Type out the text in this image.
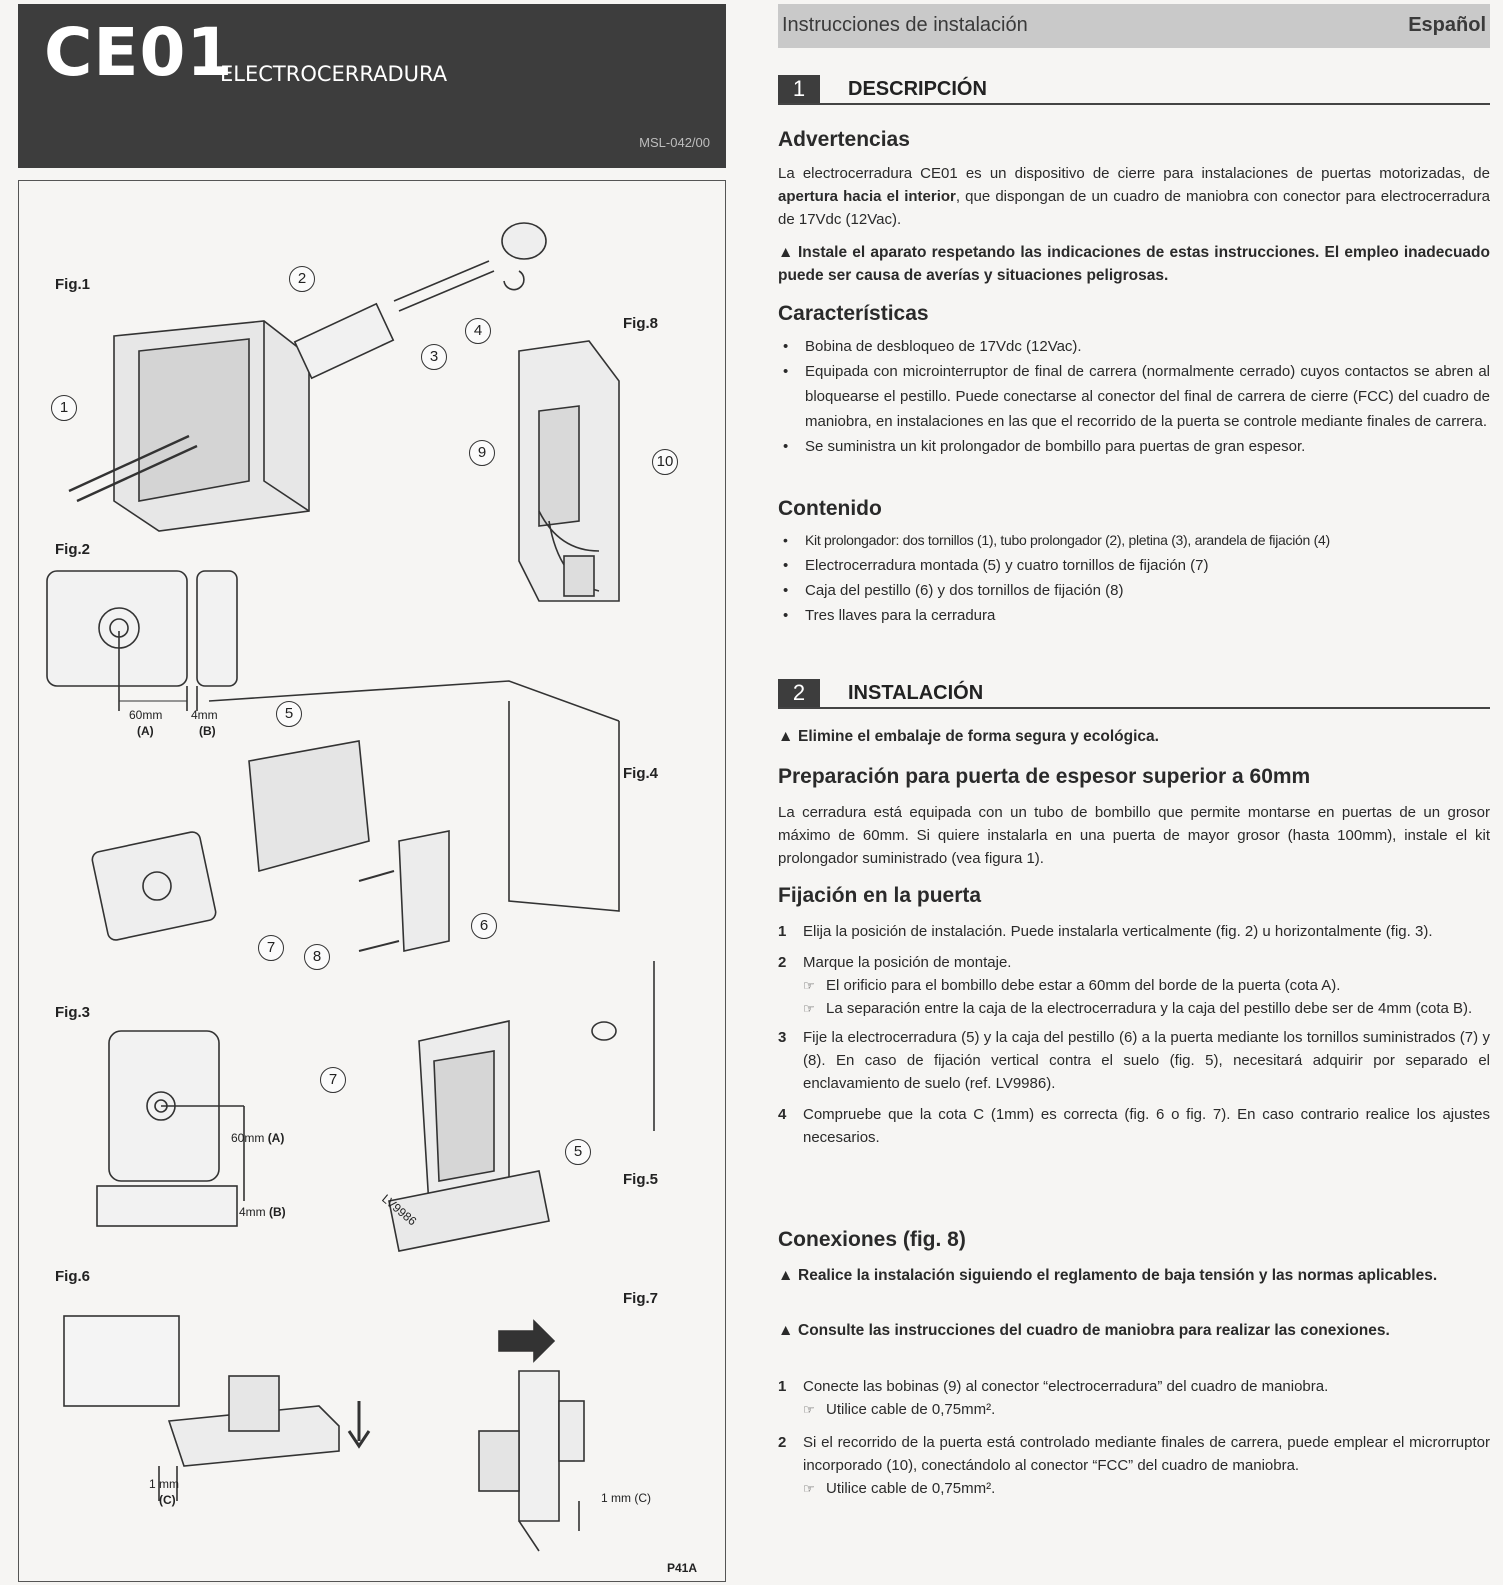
CE01
ELECTROCERRADURA
MSL-042/00
Fig.1
Fig.8
Fig.2
Fig.4
Fig.3
Fig.5
Fig.6
Fig.7
1
2
3
4
5
6
7
8
9
10
7
5
60mm
(A)
4mm
(B)
60mm (A)
4mm (B)
1 mm
(C)	1 mm (C)
LV9986
P41A
Instrucciones de instalación	Español
1	DESCRIPCIÓN
Advertencias
La electrocerradura CE01 es un dispositivo de cierre para instalaciones de puertas motorizadas, de apertura hacia el interior, que dispongan de un cuadro de maniobra con conector para electrocerradura de 17Vdc (12Vac).
▲ Instale el aparato respetando las indicaciones de estas instrucciones. El empleo inadecuado puede ser causa de averías y situaciones peligrosas.
Características
• Bobina de desbloqueo de 17Vdc (12Vac).
• Equipada con microinterruptor de final de carrera (normalmente cerrado) cuyos contactos se abren al bloquearse el pestillo. Puede conectarse al conector del final de carrera de cierre (FCC) del cuadro de maniobra, en instalaciones en las que el recorrido de la puerta se controle mediante finales de carrera.
• Se suministra un kit prolongador de bombillo para puertas de gran espesor.
Contenido
• Kit prolongador: dos tornillos (1), tubo prolongador (2), pletina (3), arandela de fijación (4)
• Electrocerradura montada (5) y cuatro tornillos de fijación (7)
• Caja del pestillo (6) y dos tornillos de fijación (8)
• Tres llaves para la cerradura
2	INSTALACIÓN
▲ Elimine el embalaje de forma segura y ecológica.
Preparación para puerta de espesor superior a 60mm
La cerradura está equipada con un tubo de bombillo que permite montarse en puertas de un grosor máximo de 60mm. Si quiere instalarla en una puerta de mayor grosor (hasta 100mm), instale el kit prolongador suministrado (vea figura 1).
Fijación en la puerta
1 Elija la posición de instalación. Puede instalarla verticalmente (fig. 2) u horizontalmente (fig. 3).
2 Marque la posición de montaje.
☞ El orificio para el bombillo debe estar a 60mm del borde de la puerta (cota A).
☞ La separación entre la caja de la electrocerradura y la caja del pestillo debe ser de 4mm (cota B).
3 Fije la electrocerradura (5) y la caja del pestillo (6) a la puerta mediante los tornillos suministrados (7) y (8). En caso de fijación vertical contra el suelo (fig. 5), necesitará adquirir por separado el enclavamiento de suelo (ref. LV9986).
4 Compruebe que la cota C (1mm) es correcta (fig. 6 o fig. 7). En caso contrario realice los ajustes necesarios.
Conexiones (fig. 8)
▲ Realice la instalación siguiendo el reglamento de baja tensión y las normas aplicables.
▲ Consulte las instrucciones del cuadro de maniobra para realizar las conexiones.
1 Conecte las bobinas (9) al conector “electrocerradura” del cuadro de maniobra.
☞ Utilice cable de 0,75mm².
2 Si el recorrido de la puerta está controlado mediante finales de carrera, puede emplear el microrruptor incorporado (10), conectándolo al conector “FCC” del cuadro de maniobra.
☞ Utilice cable de 0,75mm².
